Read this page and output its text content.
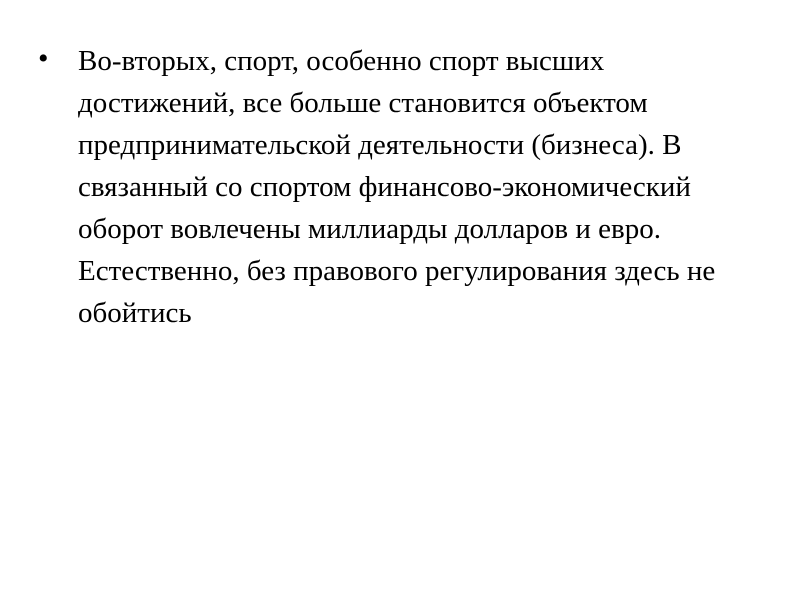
•	Во-вторых, спорт, особенно спорт высших достижений, все больше становится объектом предпринимательской деятельности (бизнеса). В связанный со спортом финансово-экономический оборот вовлечены миллиарды долларов и евро. Естественно, без правового регулирования здесь не обойтись
